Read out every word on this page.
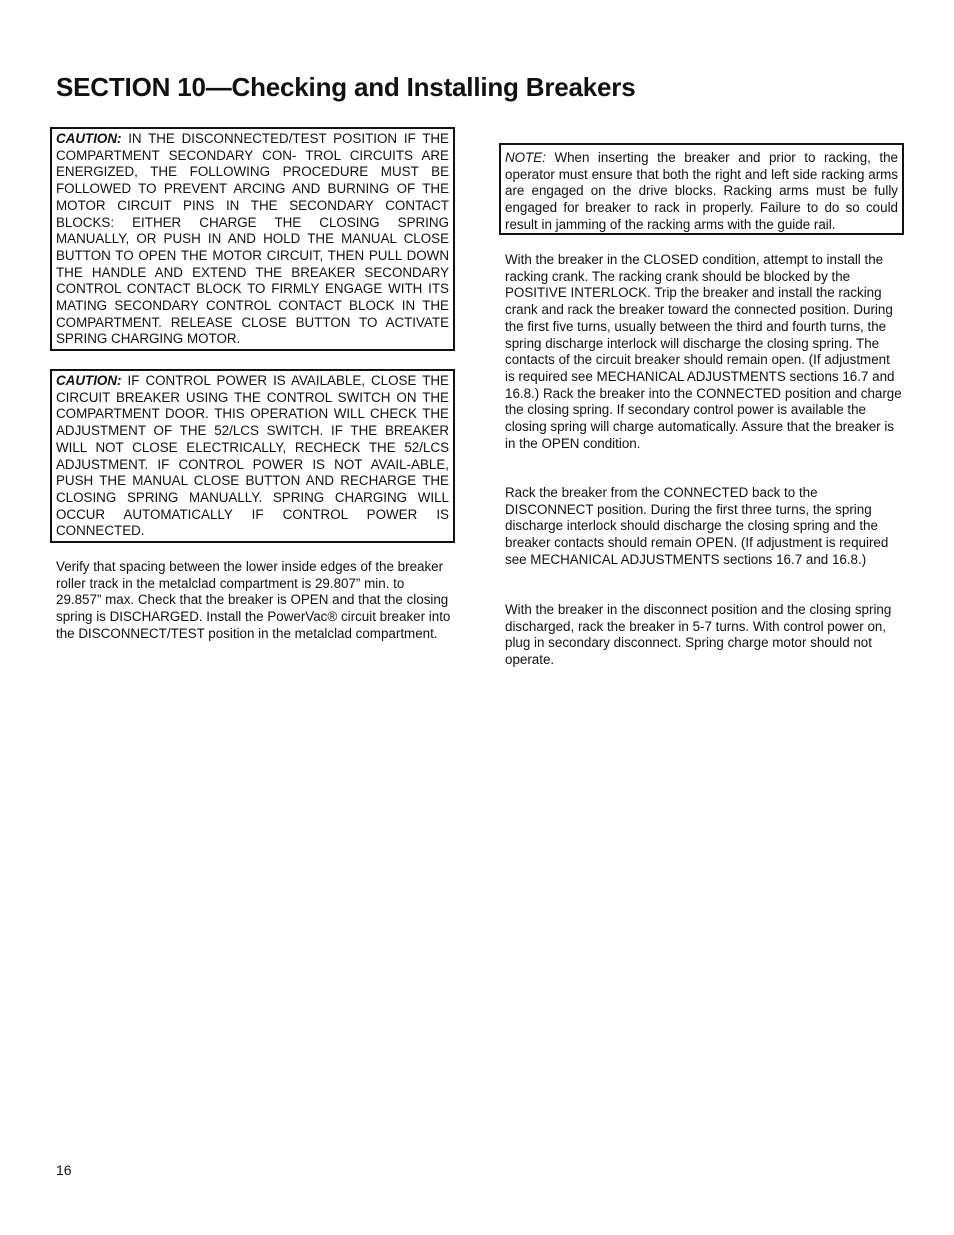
SECTION 10—Checking and Installing Breakers
CAUTION: IN THE DISCONNECTED/TEST POSITION IF THE COMPARTMENT SECONDARY CON- TROL CIRCUITS ARE ENERGIZED, THE FOLLOWING PROCEDURE MUST BE FOLLOWED TO PREVENT ARCING AND BURNING OF THE MOTOR CIRCUIT PINS IN THE SECONDARY CONTACT BLOCKS: EITHER CHARGE THE CLOSING SPRING MANUALLY, OR PUSH IN AND HOLD THE MANUAL CLOSE BUTTON TO OPEN THE MOTOR CIRCUIT, THEN PULL DOWN THE HANDLE AND EXTEND THE BREAKER SECONDARY CONTROL CONTACT BLOCK TO FIRMLY ENGAGE WITH ITS MATING SECONDARY CONTROL CONTACT BLOCK IN THE COMPARTMENT. RELEASE CLOSE BUTTON TO ACTIVATE SPRING CHARGING MOTOR.
CAUTION: IF CONTROL POWER IS AVAILABLE, CLOSE THE CIRCUIT BREAKER USING THE CONTROL SWITCH ON THE COMPARTMENT DOOR. THIS OPERATION WILL CHECK THE ADJUSTMENT OF THE 52/LCS SWITCH. IF THE BREAKER WILL NOT CLOSE ELECTRICALLY, RECHECK THE 52/LCS ADJUSTMENT. IF CONTROL POWER IS NOT AVAIL-ABLE, PUSH THE MANUAL CLOSE BUTTON AND RECHARGE THE CLOSING SPRING MANUALLY. SPRING CHARGING WILL OCCUR AUTOMATICALLY IF CONTROL POWER IS CONNECTED.

Verify that spacing between the lower inside edges of the breaker roller track in the metalclad compartment is 29.807” min. to 29.857” max. Check that the breaker is OPEN and that the closing spring is DISCHARGED. Install the PowerVac® circuit breaker into the DISCONNECT/TEST position in the metalclad compartment.

NOTE: When inserting the breaker and prior to racking, the operator must ensure that both the right and left side racking arms are engaged on the drive blocks. Racking arms must be fully engaged for breaker to rack in properly. Failure to do so could result in jamming of the racking arms with the guide rail.

With the breaker in the CLOSED condition, attempt to install the racking crank. The racking crank should be blocked by the POSITIVE INTERLOCK. Trip the breaker and install the racking crank and rack the breaker toward the connected position. During the first five turns, usually between the third and fourth turns, the spring discharge interlock will discharge the closing spring. The contacts of the circuit breaker should remain open. (If adjustment is required see MECHANICAL ADJUSTMENTS sections 16.7 and 16.8.) Rack the breaker into the CONNECTED position and charge the closing spring. If secondary control power is available the closing spring will charge automatically. Assure that the breaker is in the OPEN condition.

Rack the breaker from the CONNECTED back to the DISCONNECT position. During the first three turns, the spring discharge interlock should discharge the closing spring and the breaker contacts should remain OPEN. (If adjustment is required see MECHANICAL ADJUSTMENTS sections 16.7 and 16.8.)

With the breaker in the disconnect position and the closing spring discharged, rack the breaker in 5-7 turns. With control power on, plug in secondary disconnect. Spring charge motor should not operate.

16
